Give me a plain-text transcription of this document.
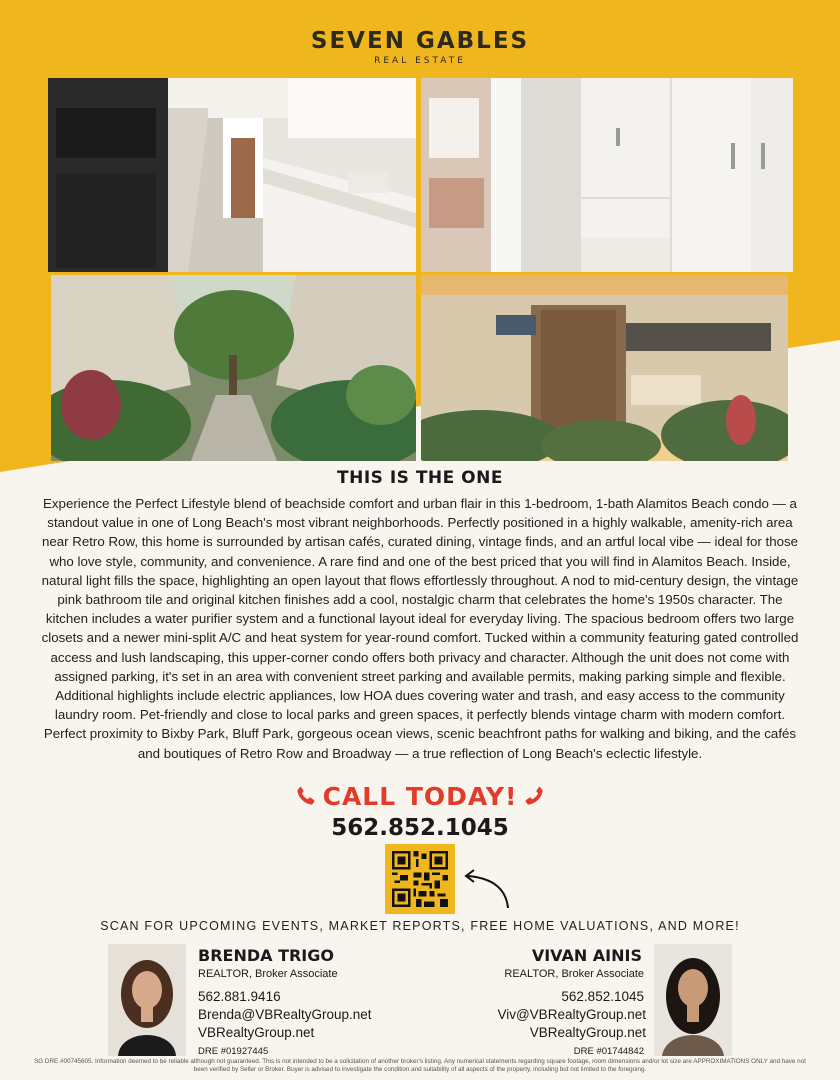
SEVEN GABLES
REAL ESTATE
THIS IS THE ONE
Experience the Perfect Lifestyle blend of beachside comfort and urban flair in this 1-bedroom, 1-bath Alamitos Beach condo — a standout value in one of Long Beach's most vibrant neighborhoods. Perfectly positioned in a highly walkable, amenity-rich area near Retro Row, this home is surrounded by artisan cafés, curated dining, vintage finds, and an artful local vibe — ideal for those who love style, community, and convenience. A rare find and one of the best priced that you will find in Alamitos Beach. Inside, natural light fills the space, highlighting an open layout that flows effortlessly throughout. A nod to mid-century design, the vintage pink bathroom tile and original kitchen finishes add a cool, nostalgic charm that celebrates the home's 1950s character. The kitchen includes a water purifier system and a functional layout ideal for everyday living. The spacious bedroom offers two large closets and a newer mini-split A/C and heat system for year-round comfort. Tucked within a community featuring gated controlled access and lush landscaping, this upper-corner condo offers both privacy and character. Although the unit does not come with assigned parking, it's set in an area with convenient street parking and available permits, making parking simple and flexible. Additional highlights include electric appliances, low HOA dues covering water and trash, and easy access to the community laundry room. Pet-friendly and close to local parks and green spaces, it perfectly blends vintage charm with modern comfort. Perfect proximity to Bixby Park, Bluff Park, gorgeous ocean views, scenic beachfront paths for walking and biking, and the cafés and boutiques of Retro Row and Broadway — a true reflection of Long Beach's eclectic lifestyle.
CALL TODAY!
562.852.1045
SCAN FOR UPCOMING EVENTS, MARKET REPORTS, FREE HOME VALUATIONS, AND MORE!
BRENDA TRIGO
REALTOR, Broker Associate
562.881.9416
Brenda@VBRealtyGroup.net
VBRealtyGroup.net
DRE #01927445
VIVAN AINIS
REALTOR, Broker Associate
562.852.1045
Viv@VBRealtyGroup.net
VBRealtyGroup.net
DRE #01744842
SG DRE #00745605. Information deemed to be reliable although not guaranteed. This is not intended to be a solicitation of another broker's listing. Any numerical statements regarding square footage, room dimensions and/or lot size are APPROXIMATIONS ONLY and have not been verified by Seller or Broker. Buyer is advised to investigate the condition and suitability of all aspects of the property, including but not limited to the foregoing.
